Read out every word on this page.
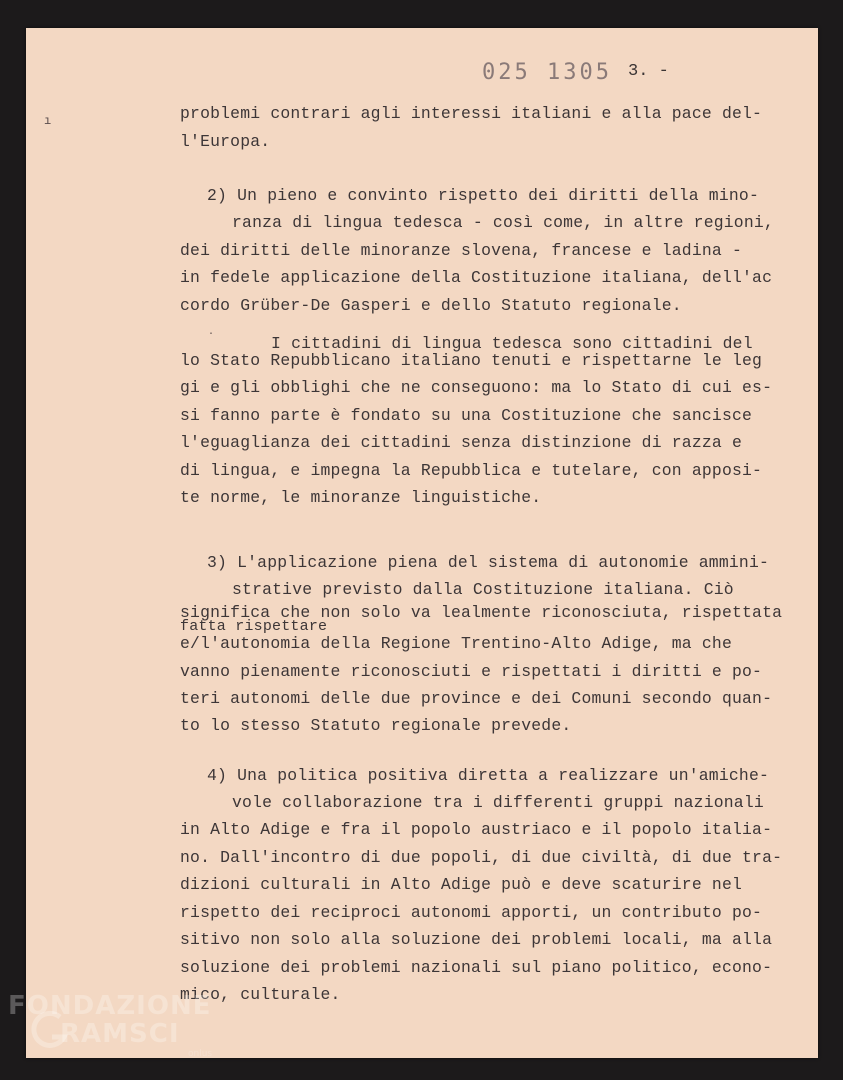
025 1305 3. -
ı
·
problemi contrari agli interessi italiani e alla pace del-
l'Europa.
2) Un pieno e convinto rispetto dei diritti della mino-
ranza di lingua tedesca - così come, in altre regioni,
dei diritti delle minoranze slovena, francese e ladina -
in fedele applicazione della Costituzione italiana, dell'ac
cordo Grüber-De Gasperi e dello Statuto regionale.
I cittadini di lingua tedesca sono cittadini del
lo Stato Repubblicano italiano tenuti e rispettarne le leg
gi e gli obblighi che ne conseguono: ma lo Stato di cui es-
si fanno parte è fondato su una Costituzione che sancisce
l'eguaglianza dei cittadini senza distinzione di razza e
di lingua, e impegna la Repubblica e tutelare, con apposi-
te norme, le minoranze linguistiche.
3) L'applicazione piena del sistema di autonomie ammini-
strative previsto dalla Costituzione italiana. Ciò
significa che non solo va lealmente riconosciuta, rispettata
fatta rispettare
e/l'autonomia della Regione Trentino-Alto Adige, ma che
vanno pienamente riconosciuti e rispettati i diritti e po-
teri autonomi delle due province e dei Comuni secondo quan-
to lo stesso Statuto regionale prevede.
4) Una politica positiva diretta a realizzare un'amiche-
vole collaborazione tra i differenti gruppi nazionali
in Alto Adige e fra il popolo austriaco e il popolo italia-
no. Dall'incontro di due popoli, di due civiltà, di due tra-
dizioni culturali in Alto Adige può e deve scaturire nel
rispetto dei reciproci autonomi apporti, un contributo po-
sitivo non solo alla soluzione dei problemi locali, ma alla
soluzione dei problemi nazionali sul piano politico, econo-
mico, culturale.
FONDAZIONE
RAMSCI
onlus
